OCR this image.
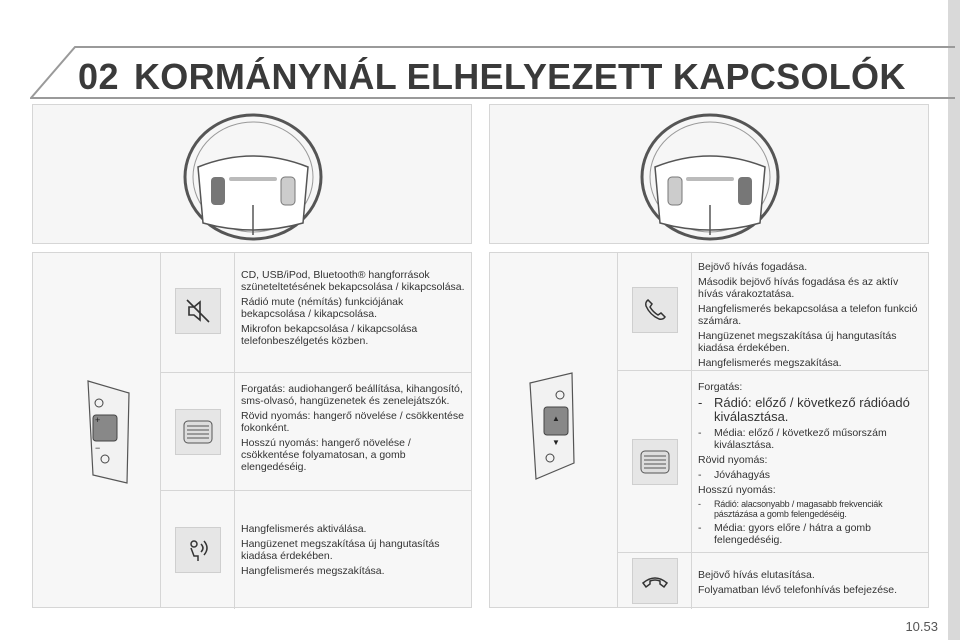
02 KORMÁNYNÁL ELHELYEZETT KAPCSOLÓK
+
−

CD, USB/iPod, Bluetooth® hangforrások szüneteltetésének bekapcsolása / kikapcsolása.

Rádió mute (némítás) funkciójának bekapcsolása / kikapcsolása.

Mikrofon bekapcsolása / kikapcsolása telefonbeszélgetés közben.

Forgatás: audiohangerő beállítása, kihangosító, sms-olvasó, hangüzenetek és zenelejátszók.

Rövid nyomás: hangerő növelése / csökkentése fokonként.

Hosszú nyomás: hangerő növelése / csökkentése folyamatosan, a gomb elengedéséig.

Hangfelismerés aktiválása.

Hangüzenet megszakítása új hangutasítás kiadása érdekében.

Hangfelismerés megszakítása.

▲
▼

Bejövő hívás fogadása.

Második bejövő hívás fogadása és az aktív hívás várakoztatása.

Hangfelismerés bekapcsolása a telefon funkció számára.

Hangüzenet megszakítása új hangutasítás kiadása érdekében.

Hangfelismerés megszakítása.

Forgatás:

- Rádió: előző / következő rádióadó kiválasztása.
-	Média: előző / következő műsorszám kiválasztása.

Rövid nyomás:

-	Jóváhagyás

Hosszú nyomás:

-	Rádió: alacsonyabb / magasabb frekvenciák pásztázása a gomb felengedéséig.
-	Média: gyors előre / hátra a gomb felengedéséig.

Bejövő hívás elutasítása.

Folyamatban lévő telefonhívás befejezése.

10.53
